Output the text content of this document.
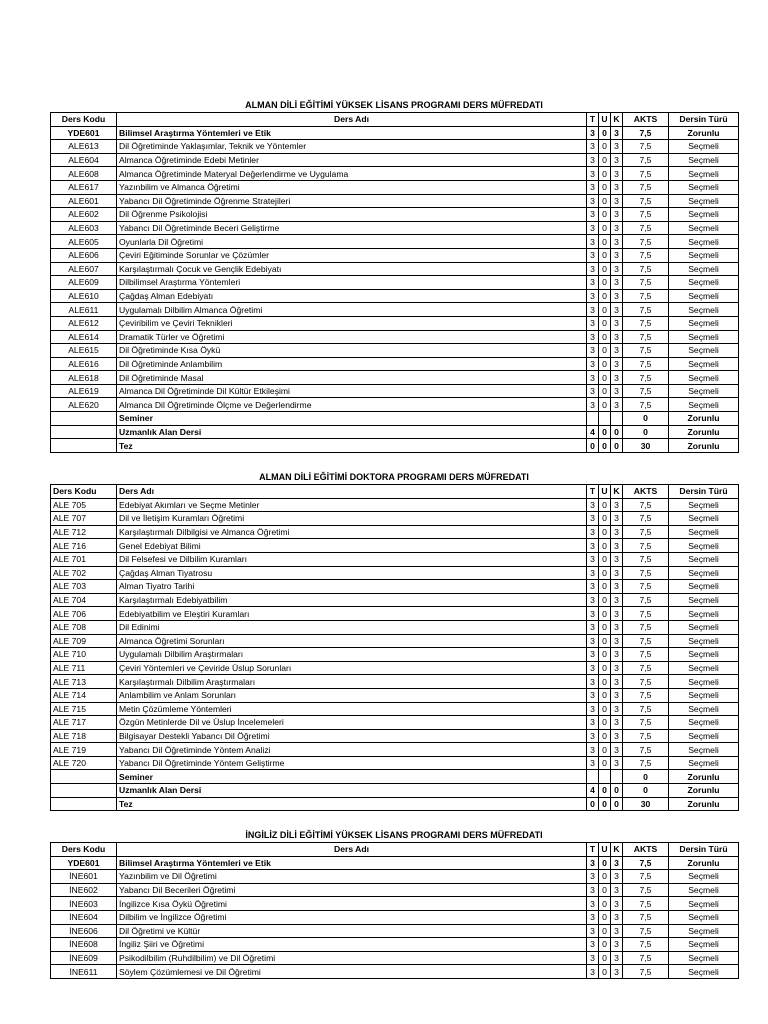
ALMAN DİLİ EĞİTİMİ YÜKSEK LİSANS PROGRAMI DERS MÜFREDATI
Ders Kodu	Ders Adı	T	U	K	AKTS	Dersin Türü
YDE601	Bilimsel Araştırma Yöntemleri ve Etik	3	0	3	7,5	Zorunlu
ALE613	Dil Öğretiminde Yaklaşımlar, Teknik ve Yöntemler	3	0	3	7,5	Seçmeli
ALE604	Almanca Öğretiminde Edebi Metinler	3	0	3	7,5	Seçmeli
ALE608	Almanca Öğretiminde Materyal Değerlendirme ve Uygulama	3	0	3	7,5	Seçmeli
ALE617	Yazınbilim ve Almanca Öğretimi	3	0	3	7,5	Seçmeli
ALE601	Yabancı Dil Öğretiminde Öğrenme Stratejileri	3	0	3	7,5	Seçmeli
ALE602	Dil Öğrenme Psikolojisi	3	0	3	7,5	Seçmeli
ALE603	Yabancı Dil Öğretiminde Beceri Geliştirme	3	0	3	7,5	Seçmeli
ALE605	Oyunlarla Dil Öğretimi	3	0	3	7,5	Seçmeli
ALE606	Çeviri Eğitiminde Sorunlar ve Çözümler	3	0	3	7,5	Seçmeli
ALE607	Karşılaştırmalı Çocuk ve Gençlik Edebiyatı	3	0	3	7,5	Seçmeli
ALE609	Dilbilimsel Araştırma Yöntemleri	3	0	3	7,5	Seçmeli
ALE610	Çağdaş Alman Edebiyatı	3	0	3	7,5	Seçmeli
ALE611	Uygulamalı Dilbilim Almanca Öğretimi	3	0	3	7,5	Seçmeli
ALE612	Çeviribilim ve Çeviri Teknikleri	3	0	3	7,5	Seçmeli
ALE614	Dramatik Türler ve Öğretimi	3	0	3	7,5	Seçmeli
ALE615	Dil Öğretiminde Kısa Öykü	3	0	3	7,5	Seçmeli
ALE616	Dil Öğretiminde Anlambilim	3	0	3	7,5	Seçmeli
ALE618	Dil Öğretiminde Masal	3	0	3	7,5	Seçmeli
ALE619	Almanca Dil Öğretiminde Dil Kültür Etkileşimi	3	0	3	7,5	Seçmeli
ALE620	Almanca Dil Öğretiminde Ölçme ve Değerlendirme	3	0	3	7,5	Seçmeli
	Seminer				0	Zorunlu
	Uzmanlık Alan Dersi	4	0	0	0	Zorunlu
	Tez	0	0	0	30	Zorunlu
ALMAN DİLİ EĞİTİMİ DOKTORA PROGRAMI DERS MÜFREDATI
Ders Kodu	Ders Adı	T	U	K	AKTS	Dersin Türü
ALE 705	Edebiyat Akımları ve Seçme Metinler	3	0	3	7,5	Seçmeli
ALE 707	Dil ve İletişim Kuramları Öğretimi	3	0	3	7,5	Seçmeli
ALE 712	Karşılaştırmalı Dilbilgisi ve Almanca Öğretimi	3	0	3	7,5	Seçmeli
ALE 716	Genel Edebiyat Bilimi	3	0	3	7,5	Seçmeli
ALE 701	Dil Felsefesi ve Dilbilim Kuramları	3	0	3	7,5	Seçmeli
ALE 702	Çağdaş Alman Tiyatrosu	3	0	3	7,5	Seçmeli
ALE 703	Alman Tiyatro Tarihi	3	0	3	7,5	Seçmeli
ALE 704	Karşılaştırmalı Edebiyatbilim	3	0	3	7,5	Seçmeli
ALE 706	Edebiyatbilim ve Eleştiri Kuramları	3	0	3	7,5	Seçmeli
ALE 708	Dil Edinimi	3	0	3	7,5	Seçmeli
ALE 709	Almanca Öğretimi Sorunları	3	0	3	7,5	Seçmeli
ALE 710	Uygulamalı Dilbilim Araştırmaları	3	0	3	7,5	Seçmeli
ALE 711	Çeviri Yöntemleri ve Çeviride Üslup Sorunları	3	0	3	7,5	Seçmeli
ALE 713	Karşılaştırmalı Dilbilim Araştırmaları	3	0	3	7,5	Seçmeli
ALE 714	Anlambilim ve Anlam Sorunları	3	0	3	7,5	Seçmeli
ALE 715	Metin Çözümleme Yöntemleri	3	0	3	7,5	Seçmeli
ALE 717	Özgün Metinlerde Dil ve Üslup İncelemeleri	3	0	3	7,5	Seçmeli
ALE 718	Bilgisayar Destekli Yabancı Dil Öğretimi	3	0	3	7,5	Seçmeli
ALE 719	Yabancı Dil Öğretiminde Yöntem Analizi	3	0	3	7,5	Seçmeli
ALE 720	Yabancı Dil Öğretiminde Yöntem Geliştirme	3	0	3	7,5	Seçmeli
	Seminer				0	Zorunlu
	Uzmanlık Alan Dersi	4	0	0	0	Zorunlu
	Tez	0	0	0	30	Zorunlu
İNGİLİZ DİLİ EĞİTİMİ YÜKSEK LİSANS PROGRAMI DERS MÜFREDATI
Ders Kodu	Ders Adı	T	U	K	AKTS	Dersin Türü
YDE601	Bilimsel Araştırma Yöntemleri ve Etik	3	0	3	7,5	Zorunlu
İNE601	Yazınbilim ve Dil Öğretimi	3	0	3	7,5	Seçmeli
İNE602	Yabancı Dil Becerileri Öğretimi	3	0	3	7,5	Seçmeli
İNE603	İngilizce Kısa Öykü Öğretimi	3	0	3	7,5	Seçmeli
İNE604	Dilbilim ve İngilizce Öğretimi	3	0	3	7,5	Seçmeli
İNE606	Dil Öğretimi ve Kültür	3	0	3	7,5	Seçmeli
İNE608	İngiliz Şiiri ve Öğretimi	3	0	3	7,5	Seçmeli
İNE609	Psikodilbilim (Ruhdilbilim) ve Dil Öğretimi	3	0	3	7,5	Seçmeli
İNE611	Söylem Çözümlemesi ve Dil Öğretimi	3	0	3	7,5	Seçmeli
